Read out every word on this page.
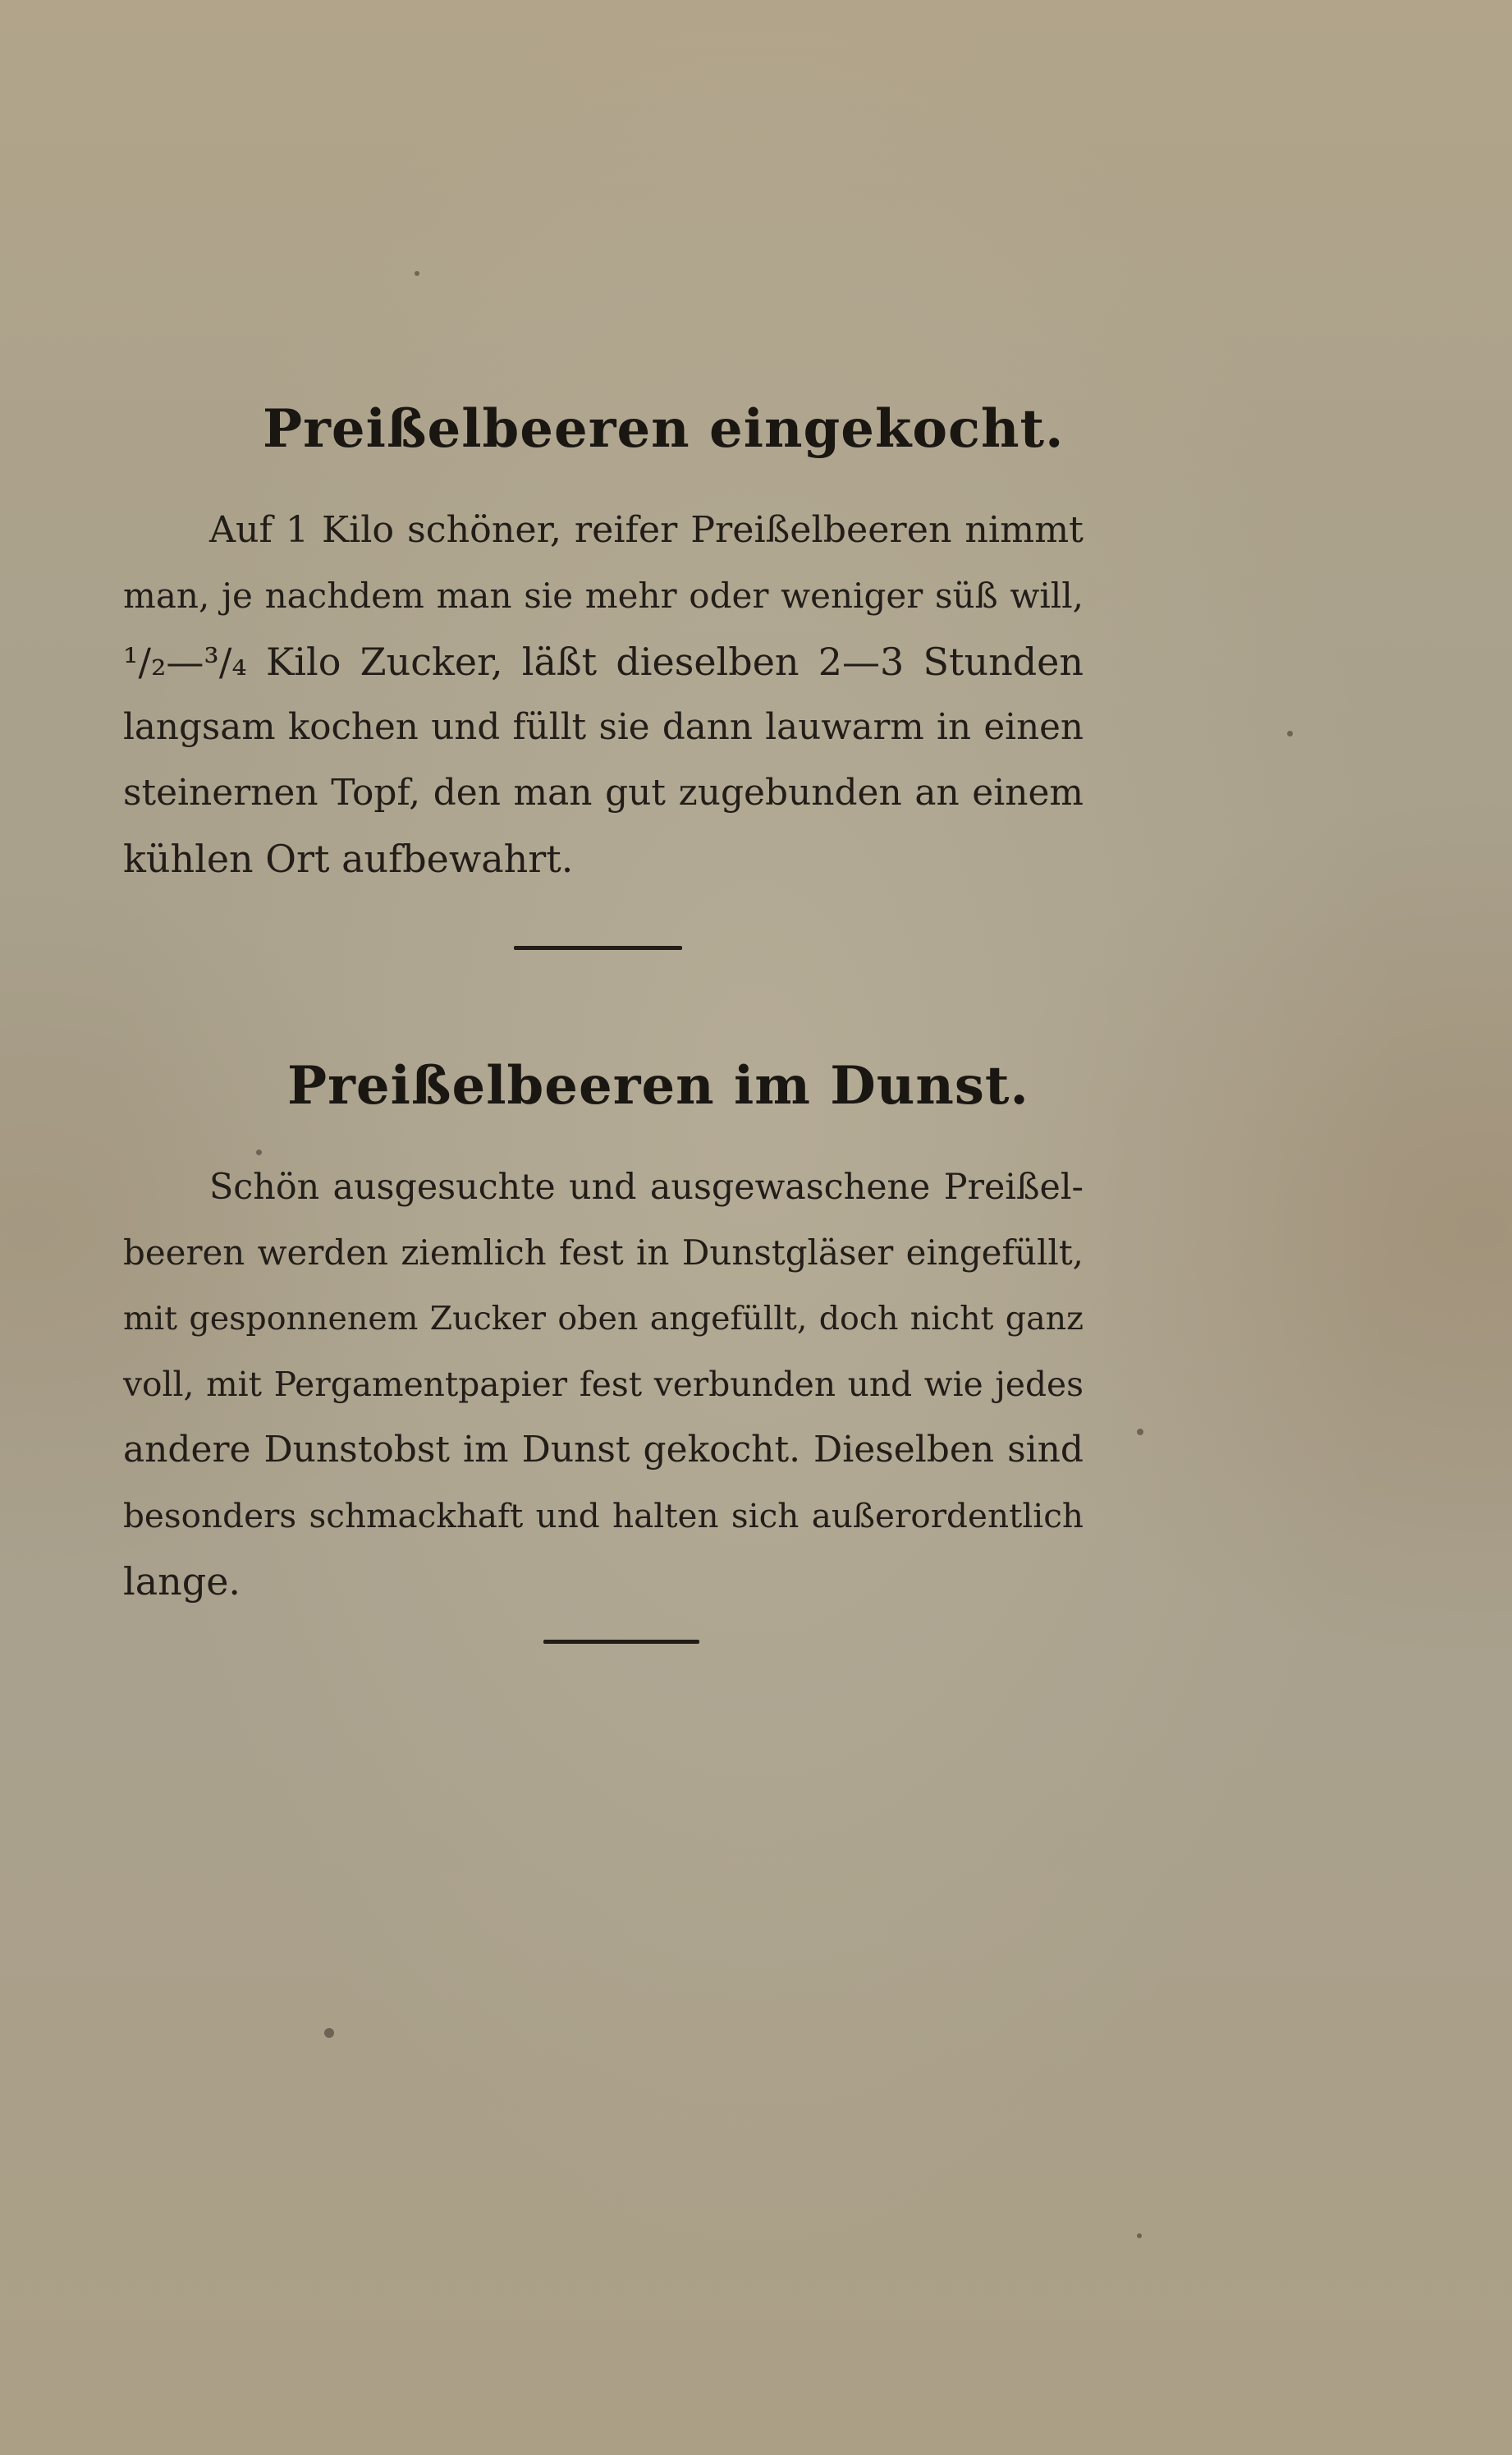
Preißelbeeren eingekocht.

Auf 1 Kilo schöner, reifer Preißelbeeren nimmt
man, je nachdem man sie mehr oder weniger süß will,
¹/₂—³/₄ Kilo Zucker, läßt dieselben 2—3 Stunden
langsam kochen und füllt sie dann lauwarm in einen
steinernen Topf, den man gut zugebunden an einem
kühlen Ort aufbewahrt.

Preißelbeeren im Dunst.

Schön ausgesuchte und ausgewaschene Preißel-
beeren werden ziemlich fest in Dunstgläser eingefüllt,
mit gesponnenem Zucker oben angefüllt, doch nicht ganz
voll, mit Pergamentpapier fest verbunden und wie jedes
andere Dunstobst im Dunst gekocht. Dieselben sind
besonders schmackhaft und halten sich außerordentlich
lange.
